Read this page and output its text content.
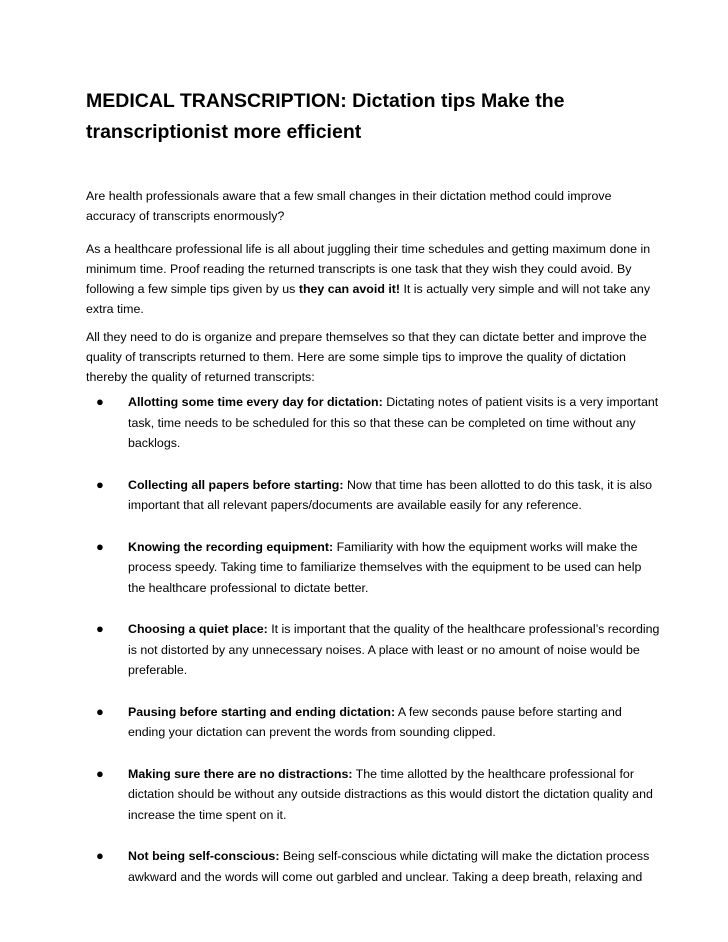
MEDICAL TRANSCRIPTION: Dictation tips Make the transcriptionist more efficient

Are health professionals aware that a few small changes in their dictation method could improve accuracy of transcripts enormously?

As a healthcare professional life is all about juggling their time schedules and getting maximum done in minimum time. Proof reading the returned transcripts is one task that they wish they could avoid. By following a few simple tips given by us they can avoid it! It is actually very simple and will not take any extra time.

All they need to do is organize and prepare themselves so that they can dictate better and improve the quality of transcripts returned to them. Here are some simple tips to improve the quality of dictation thereby the quality of returned transcripts:

● Allotting some time every day for dictation: Dictating notes of patient visits is a very important task, time needs to be scheduled for this so that these can be completed on time without any backlogs.
● Collecting all papers before starting: Now that time has been allotted to do this task, it is also important that all relevant papers/documents are available easily for any reference.
● Knowing the recording equipment: Familiarity with how the equipment works will make the process speedy. Taking time to familiarize themselves with the equipment to be used can help the healthcare professional to dictate better.
● Choosing a quiet place: It is important that the quality of the healthcare professional’s recording is not distorted by any unnecessary noises. A place with least or no amount of noise would be preferable.
● Pausing before starting and ending dictation: A few seconds pause before starting and ending your dictation can prevent the words from sounding clipped.
● Making sure there are no distractions: The time allotted by the healthcare professional for dictation should be without any outside distractions as this would distort the dictation quality and increase the time spent on it.
● Not being self-conscious: Being self-conscious while dictating will make the dictation process awkward and the words will come out garbled and unclear. Taking a deep breath, relaxing and
